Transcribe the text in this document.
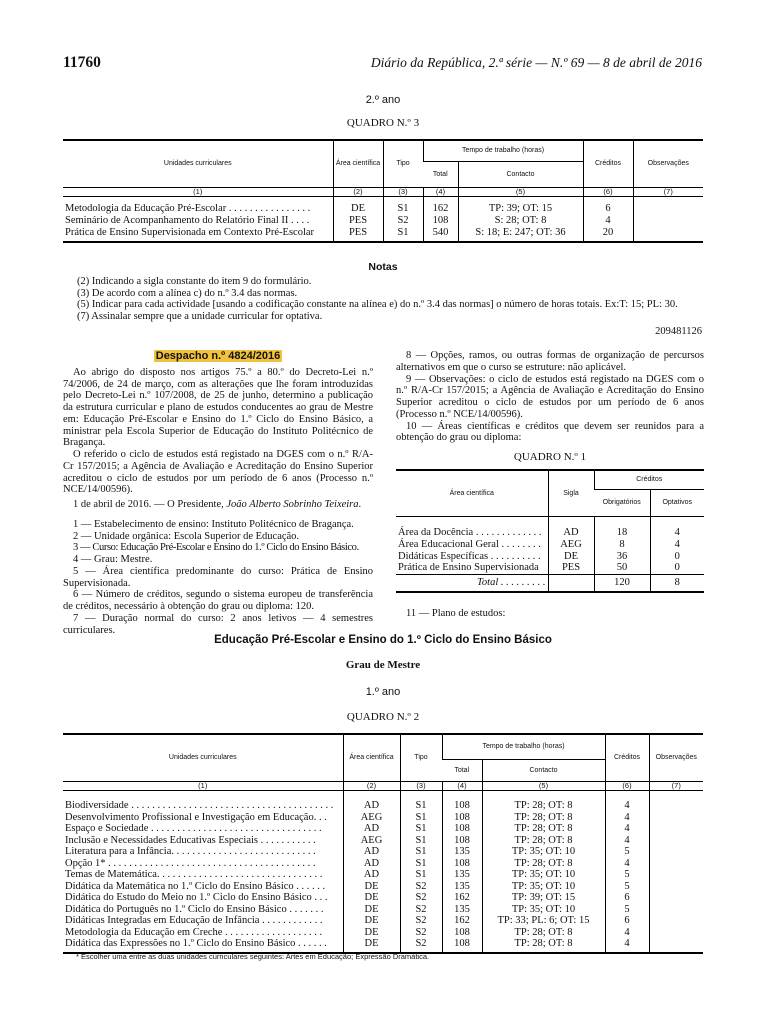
11760	Diário da República, 2.ª série — N.º 69 — 8 de abril de 2016
2.º ano
QUADRO N.º 3
Unidades curriculares	Área científica	Tipo	Tempo de trabalho (horas)		Créditos	Observações
			Total	Contacto		
(1)	(2)	(3)	(4)	(5)	(6)	(7)

Metodologia da Educação Pré-Escolar . . . . . . . . . . . . . . . .	DE	S1	162	TP: 39; OT: 15	6	
Seminário de Acompanhamento do Relatório Final II . . . .	PES	S2	108	S: 28; OT: 8	4	
Prática de Ensino Supervisionada em Contexto Pré-Escolar	PES	S1	540	S: 18; E: 247; OT: 36	20	
Notas
(2) Indicando a sigla constante do item 9 do formulário.
(3) De acordo com a alínea c) do n.º 3.4 das normas.
(5) Indicar para cada actividade [usando a codificação constante na alínea e) do n.º 3.4 das normas] o número de horas totais. Ex:T: 15; PL: 30.
(7) Assinalar sempre que a unidade curricular for optativa.
209481126
Despacho n.º 4824/2016

Ao abrigo do disposto nos artigos 75.º a 80.º do Decreto-Lei n.º 74/2006, de 24 de março, com as alterações que lhe foram introduzidas pelo Decreto-Lei n.º 107/2008, de 25 de junho, determino a publicação da estrutura curricular e plano de estudos conducentes ao grau de Mestre em: Educação Pré-Escolar e Ensino do 1.º Ciclo do Ensino Básico, a ministrar pela Escola Superior de Educação do Instituto Politécnico de Bragança.

O referido o ciclo de estudos está registado na DGES com o n.º R/A-Cr 157/2015; a Agência de Avaliação e Acreditação do Ensino Superior acreditou o ciclo de estudos por um período de 6 anos (Processo n.º NCE/14/00596).

1 de abril de 2016. — O Presidente, João Alberto Sobrinho Teixeira.

1 — Estabelecimento de ensino: Instituto Politécnico de Bragança.

2 — Unidade orgânica: Escola Superior de Educação.

3 — Curso: Educação Pré-Escolar e Ensino do 1.º Ciclo do Ensino Básico.

4 — Grau: Mestre.

5 — Área científica predominante do curso: Prática de Ensino Supervisionada.

6 — Número de créditos, segundo o sistema europeu de transferência de créditos, necessário à obtenção do grau ou diploma: 120.

7 — Duração normal do curso: 2 anos letivos — 4 semestres curriculares.

8 — Opções, ramos, ou outras formas de organização de percursos alternativos em que o curso se estruture: não aplicável.

9 — Observações: o ciclo de estudos está registado na DGES com o n.º R/A-Cr 157/2015; a Agência de Avaliação e Acreditação do Ensino Superior acreditou o ciclo de estudos por um período de 6 anos (Processo n.º NCE/14/00596).

10 — Áreas científicas e créditos que devem ser reunidos para a obtenção do grau ou diploma:

QUADRO N.º 1
Área científica	Sigla	Créditos	
		Obrigatórios	Optativos

Área da Docência . . . . . . . . . . . . .	AD	18	4
Área Educacional Geral . . . . . . . .	AEG	8	4
Didáticas Específicas . . . . . . . . . .	DE	36	0
Prática de Ensino Supervisionada	PES	50	0
Total . . . . . . . . .		120	8

11 — Plano de estudos:

Educação Pré-Escolar e Ensino do 1.º Ciclo do Ensino Básico
Grau de Mestre
1.º ano
QUADRO N.º 2
Unidades curriculares	Área científica	Tipo	Tempo de trabalho (horas)		Créditos	Observações
			Total	Contacto		
(1)	(2)	(3)	(4)	(5)	(6)	(7)

Biodiversidade . . . . . . . . . . . . . . . . . . . . . . . . . . . . . . . . . . . . . . .	AD	S1	108	TP: 28; OT: 8	4	
Desenvolvimento Profissional e Investigação em Educação. . .	AEG	S1	108	TP: 28; OT: 8	4	
Espaço e Sociedade . . . . . . . . . . . . . . . . . . . . . . . . . . . . . . . . .	AD	S1	108	TP: 28; OT: 8	4	
Inclusão e Necessidades Educativas Especiais . . . . . . . . . . .	AEG	S1	108	TP: 28; OT: 8	4	
Literatura para a Infância. . . . . . . . . . . . . . . . . . . . . . . . . . . .	AD	S1	135	TP: 35; OT: 10	5	
Opção 1* . . . . . . . . . . . . . . . . . . . . . . . . . . . . . . . . . . . . . . . .	AD	S1	108	TP: 28; OT: 8	4	
Temas de Matemática. . . . . . . . . . . . . . . . . . . . . . . . . . . . . . . .	AD	S1	135	TP: 35; OT: 10	5	
Didática da Matemática no 1.º Ciclo do Ensino Básico . . . . . .	DE	S2	135	TP: 35; OT: 10	5	
Didática do Estudo do Meio no 1.º Ciclo do Ensino Básico . . .	DE	S2	162	TP: 39; OT: 15	6	
Didática do Português no 1.º Ciclo do Ensino Básico . . . . . . .	DE	S2	135	TP: 35; OT: 10	5	
Didáticas Integradas em Educação de Infância . . . . . . . . . . . .	DE	S2	162	TP: 33; PL: 6; OT: 15	6	
Metodologia da Educação em Creche . . . . . . . . . . . . . . . . . . .	DE	S2	108	TP: 28; OT: 8	4	
Didática das Expressões no 1.º Ciclo do Ensino Básico . . . . . .	DE	S2	108	TP: 28; OT: 8	4	
* Escolher uma entre as duas unidades curriculares seguintes: Artes em Educação; Expressão Dramática.
